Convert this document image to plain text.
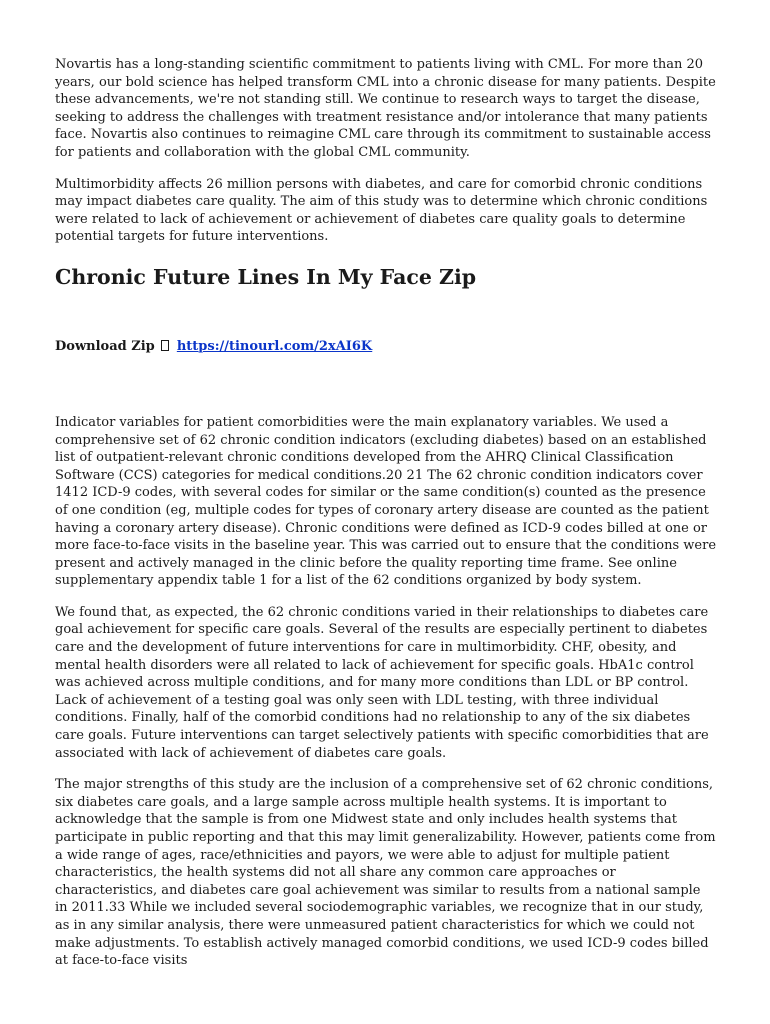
Novartis has a long-standing scientific commitment to patients living with CML. For more than 20 years, our bold science has helped transform CML into a chronic disease for many patients. Despite these advancements, we're not standing still. We continue to research ways to target the disease, seeking to address the challenges with treatment resistance and/or intolerance that many patients face. Novartis also continues to reimagine CML care through its commitment to sustainable access for patients and collaboration with the global CML community.

Multimorbidity affects 26 million persons with diabetes, and care for comorbid chronic conditions may impact diabetes care quality. The aim of this study was to determine which chronic conditions were related to lack of achievement or achievement of diabetes care quality goals to determine potential targets for future interventions.

Chronic Future Lines In My Face Zip
Download Zip https://tinourl.com/2xAI6K

Indicator variables for patient comorbidities were the main explanatory variables. We used a comprehensive set of 62 chronic condition indicators (excluding diabetes) based on an established list of outpatient-relevant chronic conditions developed from the AHRQ Clinical Classification Software (CCS) categories for medical conditions.20 21 The 62 chronic condition indicators cover 1412 ICD-9 codes, with several codes for similar or the same condition(s) counted as the presence of one condition (eg, multiple codes for types of coronary artery disease are counted as the patient having a coronary artery disease). Chronic conditions were defined as ICD-9 codes billed at one or more face-to-face visits in the baseline year. This was carried out to ensure that the conditions were present and actively managed in the clinic before the quality reporting time frame. See online supplementary appendix table 1 for a list of the 62 conditions organized by body system.

We found that, as expected, the 62 chronic conditions varied in their relationships to diabetes care goal achievement for specific care goals. Several of the results are especially pertinent to diabetes care and the development of future interventions for care in multimorbidity. CHF, obesity, and mental health disorders were all related to lack of achievement for specific goals. HbA1c control was achieved across multiple conditions, and for many more conditions than LDL or BP control. Lack of achievement of a testing goal was only seen with LDL testing, with three individual conditions. Finally, half of the comorbid conditions had no relationship to any of the six diabetes care goals. Future interventions can target selectively patients with specific comorbidities that are associated with lack of achievement of diabetes care goals.

The major strengths of this study are the inclusion of a comprehensive set of 62 chronic conditions, six diabetes care goals, and a large sample across multiple health systems. It is important to acknowledge that the sample is from one Midwest state and only includes health systems that participate in public reporting and that this may limit generalizability. However, patients come from a wide range of ages, race/ethnicities and payors, we were able to adjust for multiple patient characteristics, the health systems did not all share any common care approaches or characteristics, and diabetes care goal achievement was similar to results from a national sample in 2011.33 While we included several sociodemographic variables, we recognize that in our study, as in any similar analysis, there were unmeasured patient characteristics for which we could not make adjustments. To establish actively managed comorbid conditions, we used ICD-9 codes billed at face-to-face visits
